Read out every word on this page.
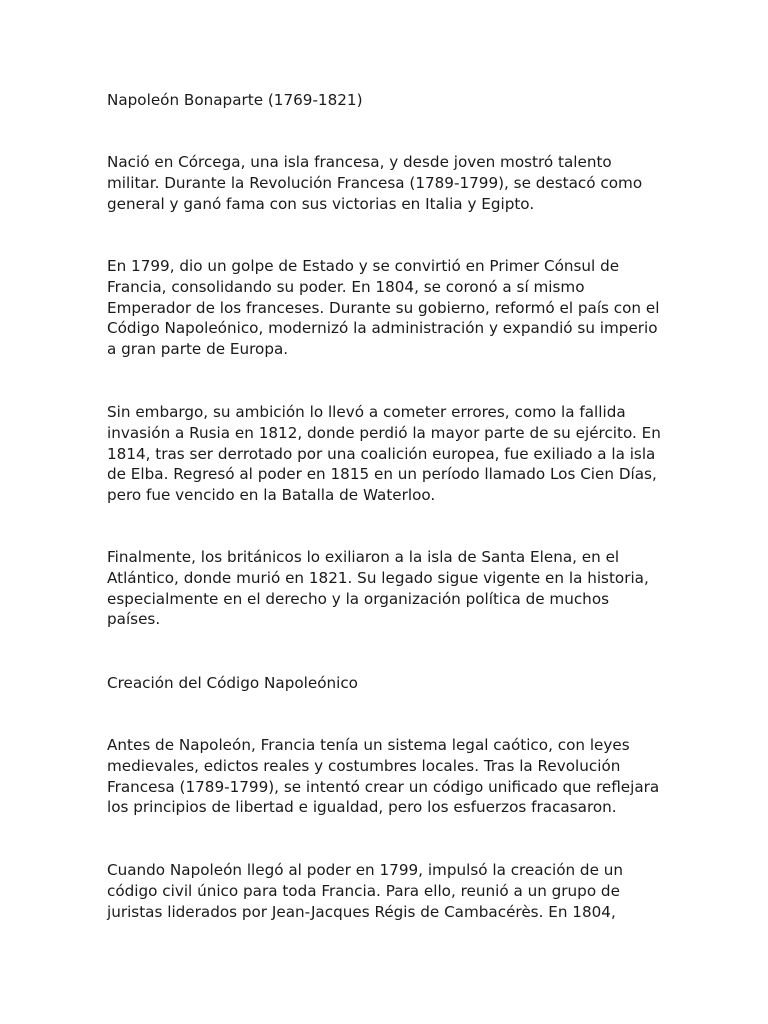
Napoleón Bonaparte (1769-1821)
Nació en Córcega, una isla francesa, y desde joven mostró talento
militar. Durante la Revolución Francesa (1789-1799), se destacó como
general y ganó fama con sus victorias en Italia y Egipto.
En 1799, dio un golpe de Estado y se convirtió en Primer Cónsul de
Francia, consolidando su poder. En 1804, se coronó a sí mismo
Emperador de los franceses. Durante su gobierno, reformó el país con el
Código Napoleónico, modernizó la administración y expandió su imperio
a gran parte de Europa.
Sin embargo, su ambición lo llevó a cometer errores, como la fallida
invasión a Rusia en 1812, donde perdió la mayor parte de su ejército. En
1814, tras ser derrotado por una coalición europea, fue exiliado a la isla
de Elba. Regresó al poder en 1815 en un período llamado Los Cien Días,
pero fue vencido en la Batalla de Waterloo.
Finalmente, los británicos lo exiliaron a la isla de Santa Elena, en el
Atlántico, donde murió en 1821. Su legado sigue vigente en la historia,
especialmente en el derecho y la organización política de muchos
países.
Creación del Código Napoleónico
Antes de Napoleón, Francia tenía un sistema legal caótico, con leyes
medievales, edictos reales y costumbres locales. Tras la Revolución
Francesa (1789-1799), se intentó crear un código unificado que reflejara
los principios de libertad e igualdad, pero los esfuerzos fracasaron.
Cuando Napoleón llegó al poder en 1799, impulsó la creación de un
código civil único para toda Francia. Para ello, reunió a un grupo de
juristas liderados por Jean-Jacques Régis de Cambacérès. En 1804,
